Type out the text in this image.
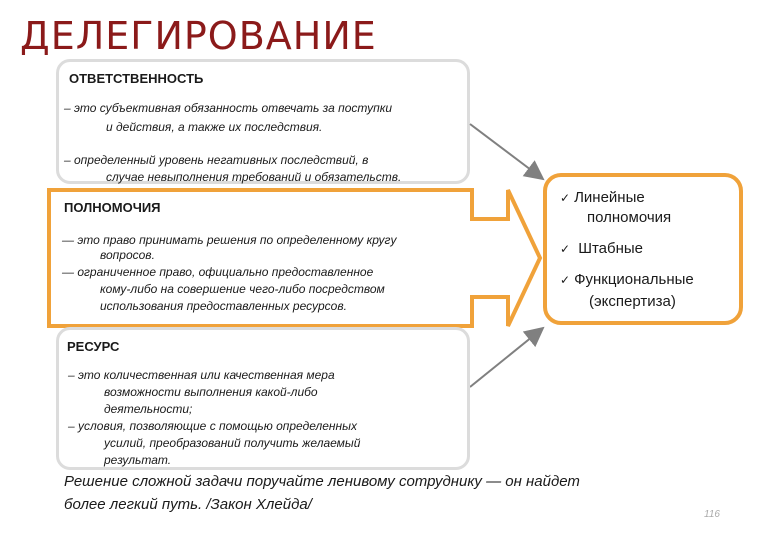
ДЕЛЕГИРОВАНИЕ
ОТВЕТСТВЕННОСТЬ
– это субъективная обязанность отвечать за поступки
и действия, а также их последствия.
– определенный уровень негативных последствий, в
случае невыполнения требований и обязательств.
ПОЛНОМОЧИЯ
— это право принимать решения по определенному кругу
вопросов.
— ограниченное право, официально предоставленное
кому-либо на совершение чего-либо посредством
использования предоставленных ресурсов.
РЕСУРС
– это количественная или качественная мера
возможности выполнения какой-либо
деятельности;
– условия, позволяющие с помощью определенных
усилий, преобразований получить желаемый
результат.
✓ Линейные
полномочия
✓ Штабные
✓ Функциональные
(экспертиза)
Решение сложной задачи поручайте ленивому сотруднику — он найдет
более легкий путь. /Закон Хлейда/
116
